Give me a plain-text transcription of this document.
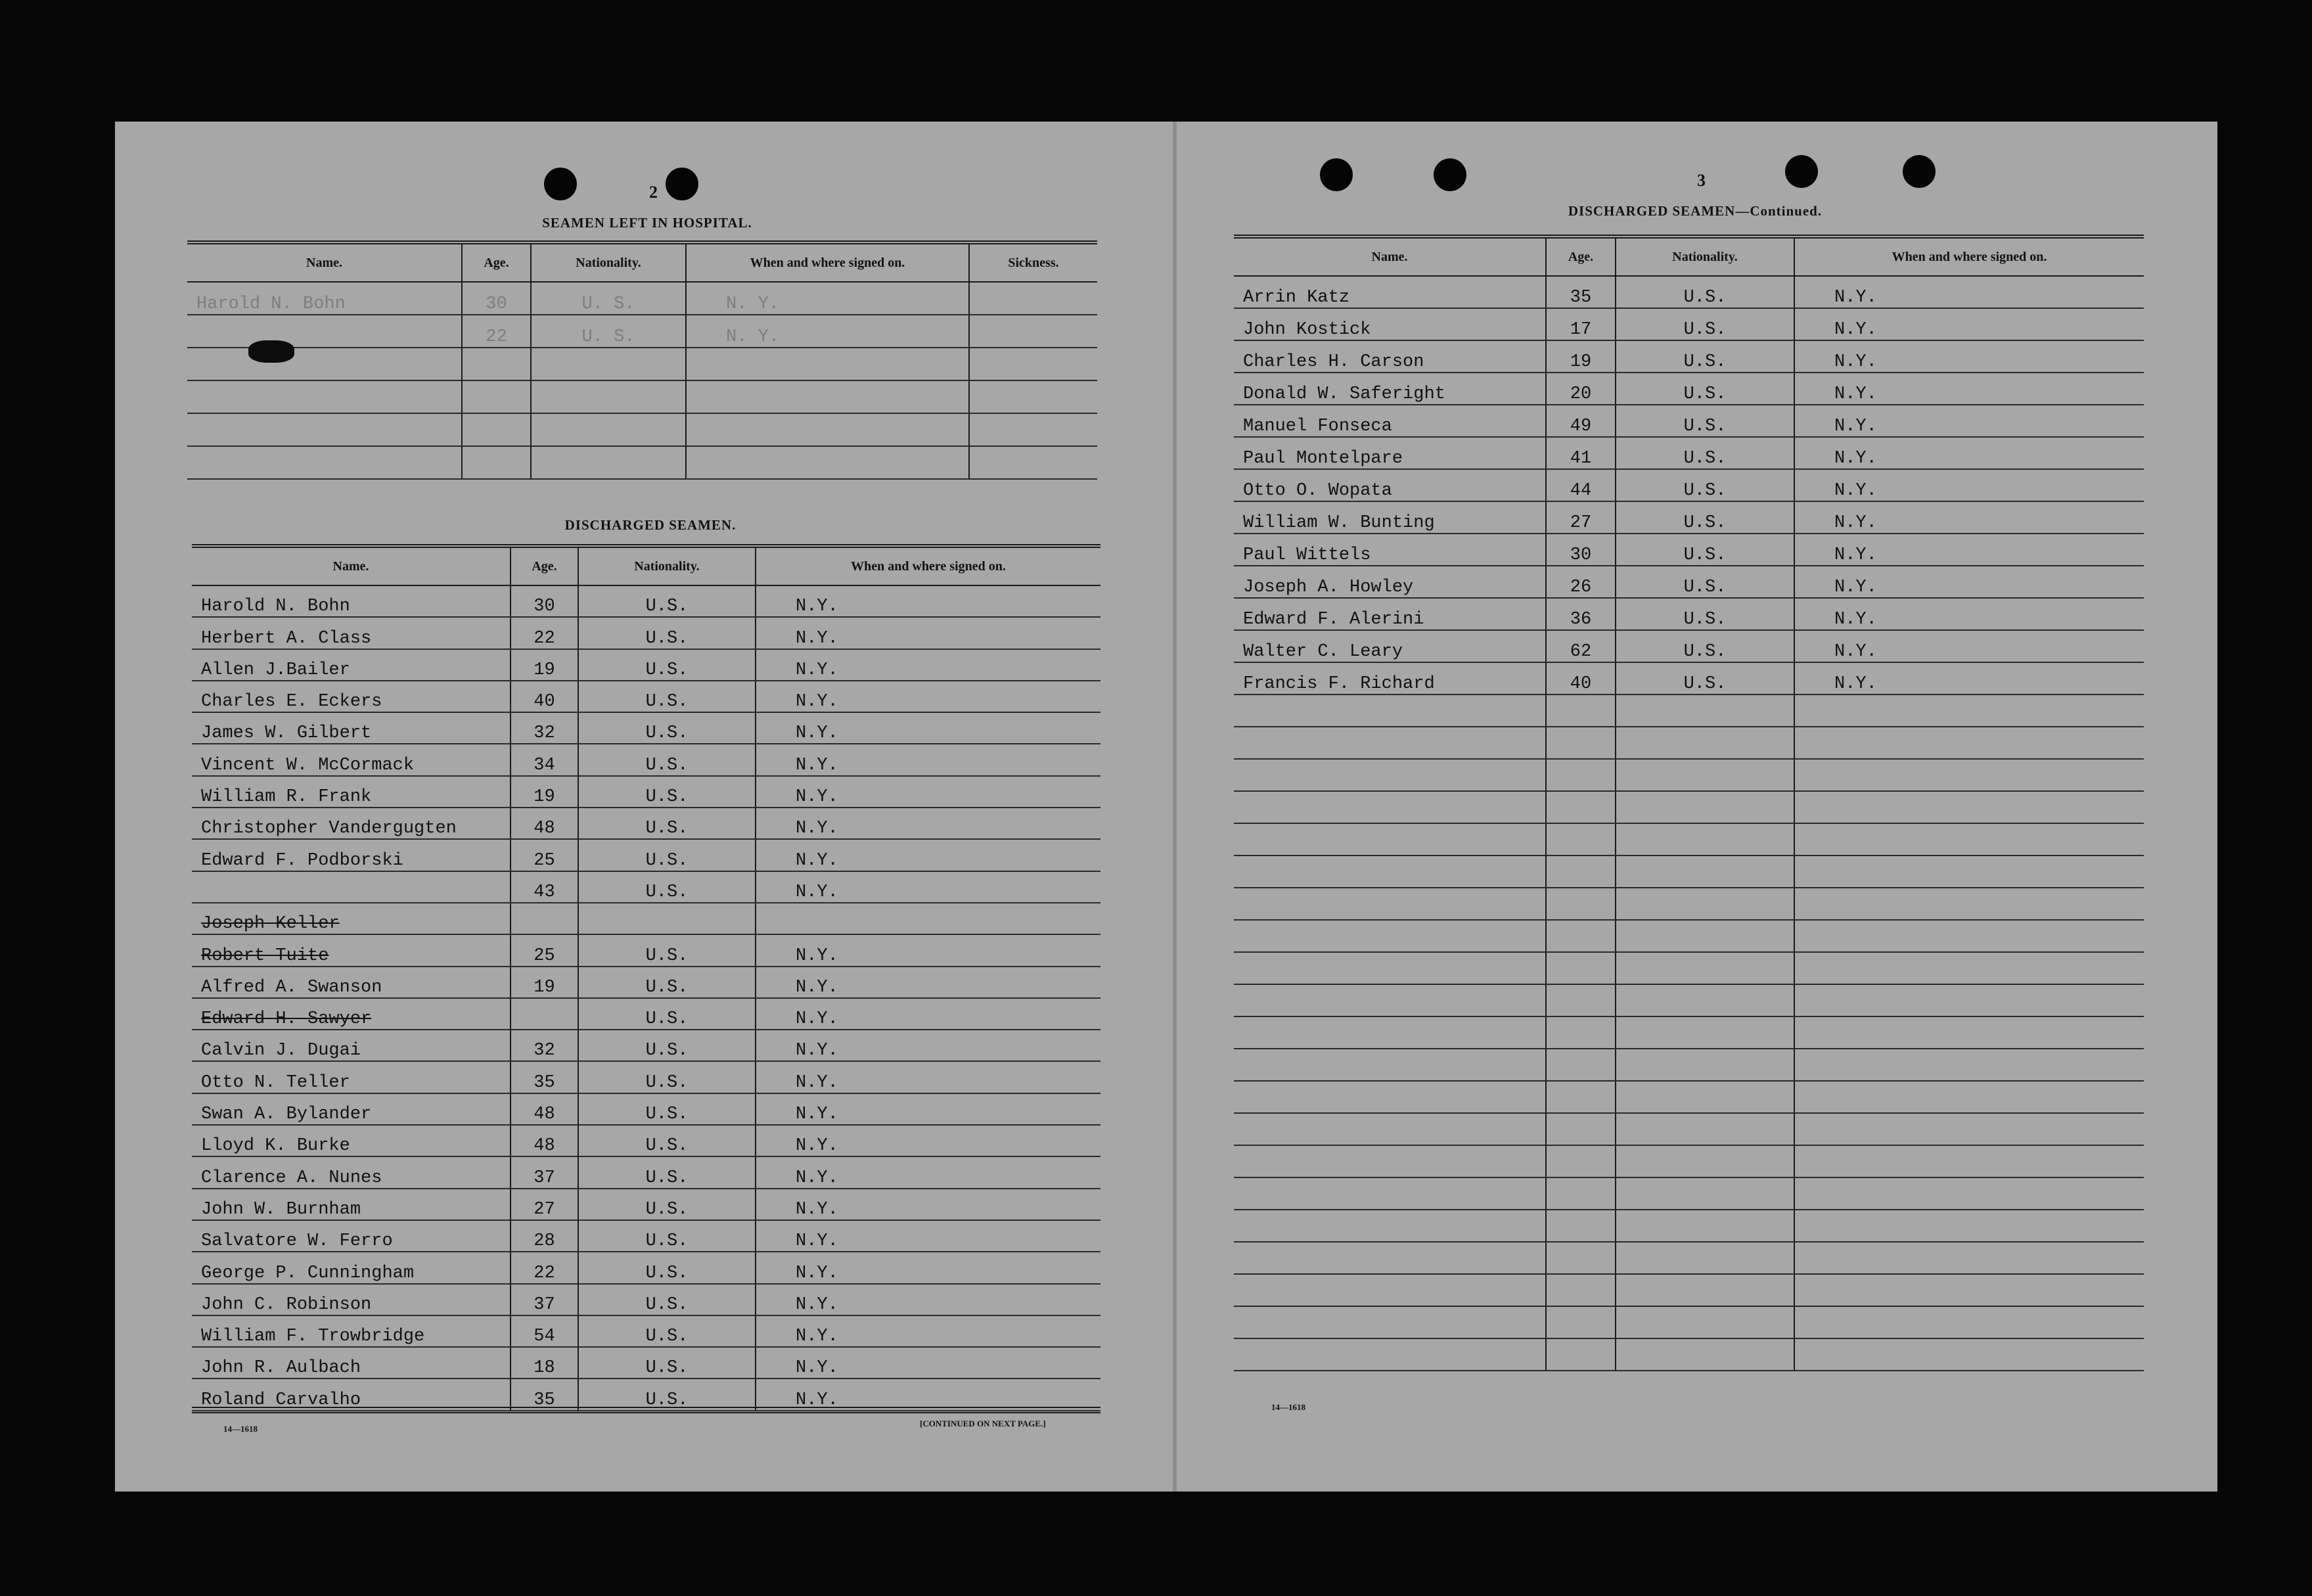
2
SEAMEN LEFT IN HOSPITAL.
Name.	Age.	Nationality.	When and where signed on.	Sickness.
Harold N. Bohn	30	U. S.	N. Y.	
	22	U. S.	N. Y.	

DISCHARGED SEAMEN.
Name.	Age.	Nationality.	When and where signed on.
Harold N. Bohn	30	U.S.	N.Y.
Herbert A. Class	22	U.S.	N.Y.
Allen J.Bailer	19	U.S.	N.Y.
Charles E. Eckers	40	U.S.	N.Y.
James W. Gilbert	32	U.S.	N.Y.
Vincent W. McCormack	34	U.S.	N.Y.
William R. Frank	19	U.S.	N.Y.
Christopher Vandergugten	48	U.S.	N.Y.
Edward F. Podborski	25	U.S.	N.Y.
	43	U.S.	N.Y.
Joseph Keller			
Robert Tuite	25	U.S.	N.Y.
Alfred A. Swanson	19	U.S.	N.Y.
Edward H. Sawyer		U.S.	N.Y.
Calvin J. Dugai	32	U.S.	N.Y.
Otto N. Teller	35	U.S.	N.Y.
Swan A. Bylander	48	U.S.	N.Y.
Lloyd K. Burke	48	U.S.	N.Y.
Clarence A. Nunes	37	U.S.	N.Y.
John W. Burnham	27	U.S.	N.Y.
Salvatore W. Ferro	28	U.S.	N.Y.
George P. Cunningham	22	U.S.	N.Y.
John C. Robinson	37	U.S.	N.Y.
William F. Trowbridge	54	U.S.	N.Y.
John R. Aulbach	18	U.S.	N.Y.
Roland Carvalho	35	U.S.	N.Y.
14—1618
[CONTINUED ON NEXT PAGE.]
3
DISCHARGED SEAMEN—Continued.
Name.	Age.	Nationality.	When and where signed on.
Arrin Katz	35	U.S.	N.Y.
John Kostick	17	U.S.	N.Y.
Charles H. Carson	19	U.S.	N.Y.
Donald W. Saferight	20	U.S.	N.Y.
Manuel Fonseca	49	U.S.	N.Y.
Paul Montelpare	41	U.S.	N.Y.
Otto O. Wopata	44	U.S.	N.Y.
William W. Bunting	27	U.S.	N.Y.
Paul Wittels	30	U.S.	N.Y.
Joseph A. Howley	26	U.S.	N.Y.
Edward F. Alerini	36	U.S.	N.Y.
Walter C. Leary	62	U.S.	N.Y.
Francis F. Richard	40	U.S.	N.Y.

14—1618
